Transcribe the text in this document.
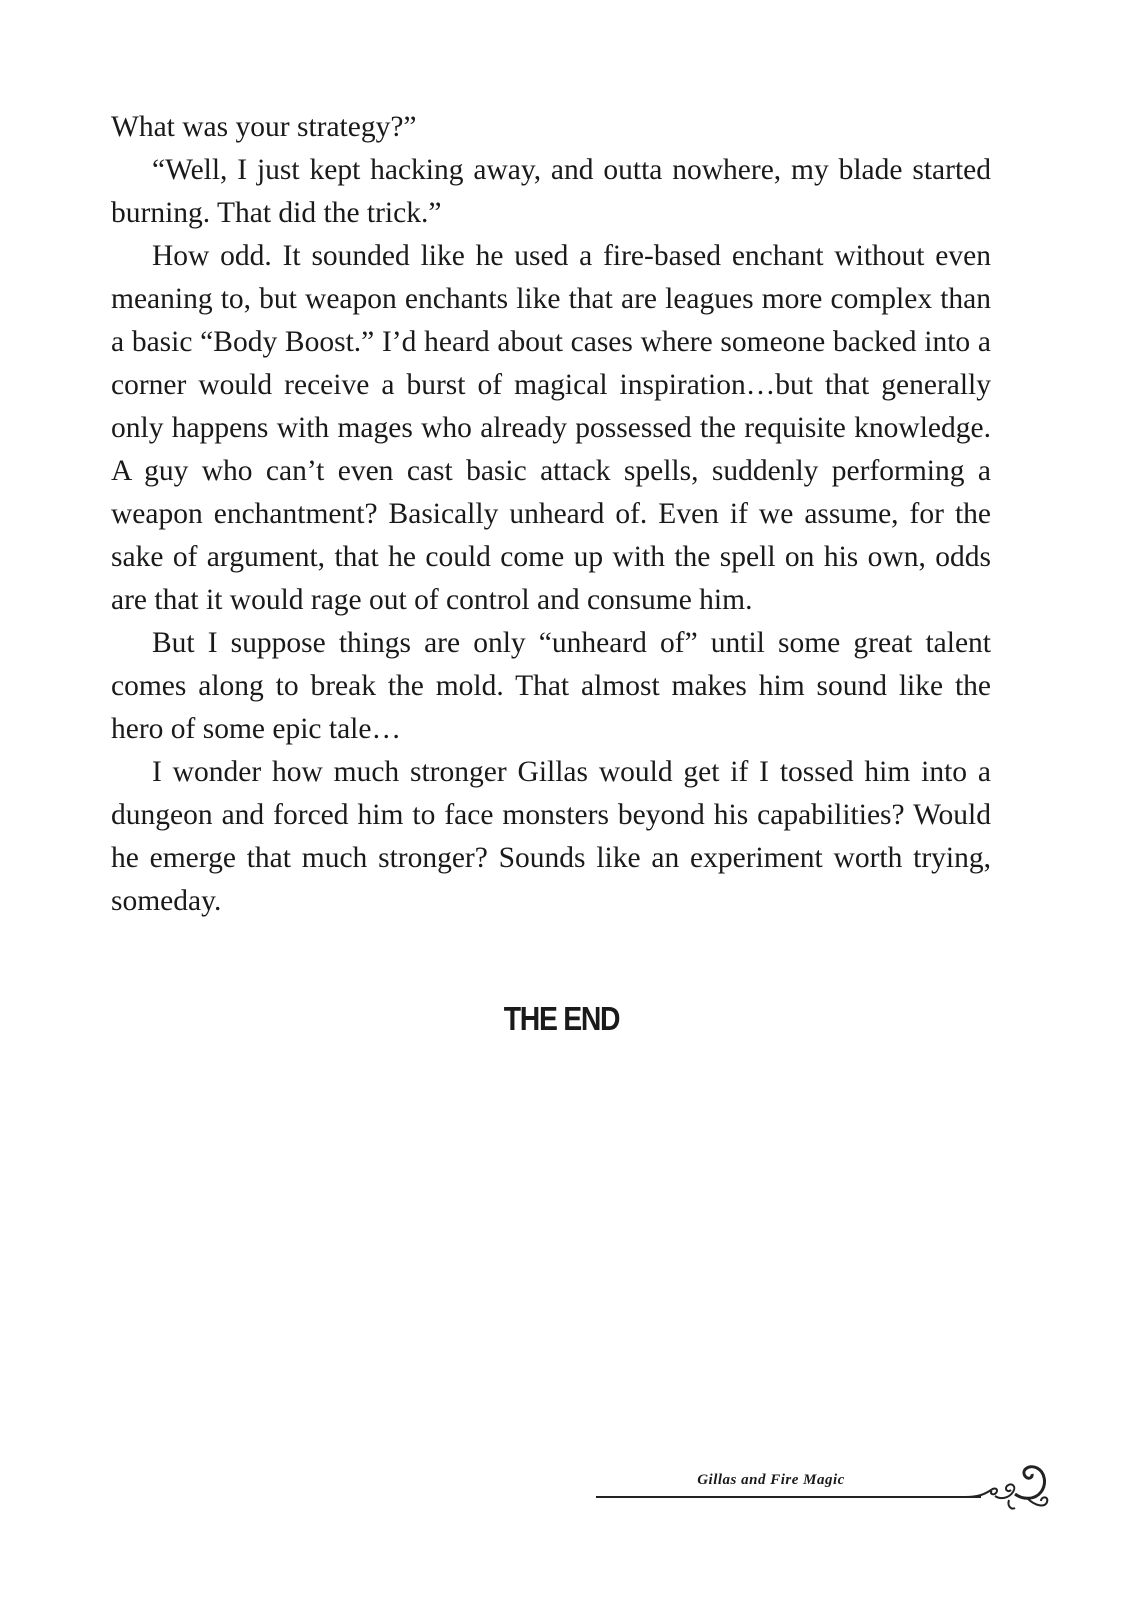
What was your strategy?”

“Well, I just kept hacking away, and outta nowhere, my blade started burning. That did the trick.”

How odd. It sounded like he used a fire-based enchant without even meaning to, but weapon enchants like that are leagues more complex than a basic “Body Boost.” I’d heard about cases where someone backed into a corner would receive a burst of magical inspiration…but that generally only happens with mages who already possessed the requisite knowledge. A guy who can’t even cast basic attack spells, suddenly performing a weapon enchantment? Basically unheard of. Even if we assume, for the sake of argument, that he could come up with the spell on his own, odds are that it would rage out of control and consume him.

But I suppose things are only “unheard of” until some great talent comes along to break the mold. That almost makes him sound like the hero of some epic tale…

I wonder how much stronger Gillas would get if I tossed him into a dungeon and forced him to face monsters beyond his capabilities? Would he emerge that much stronger? Sounds like an experiment worth trying, someday.

THE END
Gillas and Fire Magic
